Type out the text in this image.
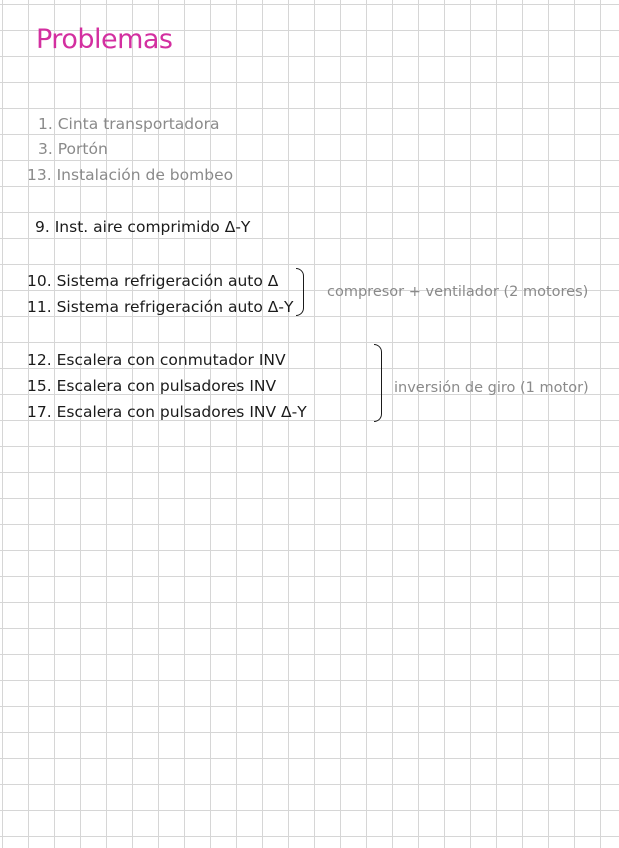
Problemas
1. Cinta transportadora
3. Portón
13. Instalación de bombeo
9. Inst. aire comprimido Δ-Y
10. Sistema refrigeración auto Δ
11. Sistema refrigeración auto Δ-Y
compresor + ventilador (2 motores)
12. Escalera con conmutador INV
15. Escalera con pulsadores INV
17. Escalera con pulsadores INV Δ-Y
inversión de giro (1 motor)
